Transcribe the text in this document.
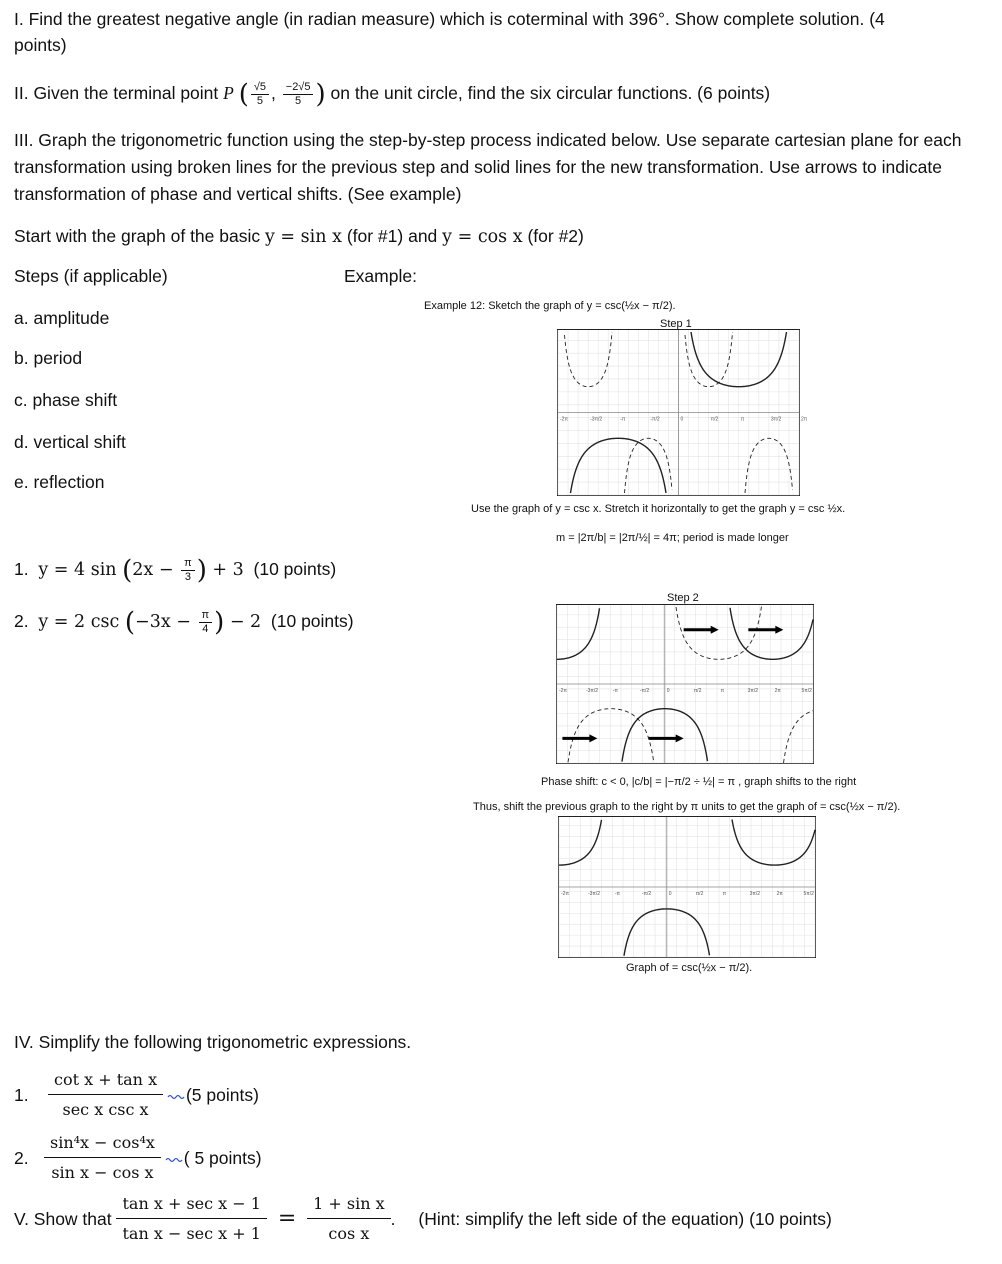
I. Find the greatest negative angle (in radian measure) which is coterminal with 396°. Show complete solution. (4
points)
II. Given the terminal point P ( $\frac{√5}{5}$ , $\frac{-2√5}{5}$ ) on the unit circle, find the six circular functions. (6 points)
III. Graph the trigonometric function using the step-by-step process indicated below. Use separate cartesian plane for each transformation using broken lines for the previous step and solid lines for the new transformation. Use arrows to indicate transformation of phase and vertical shifts. (See example)
Start with the graph of the basic y = sin x (for #1) and y = cos x (for #2)
Steps (if applicable)	Example:
a. amplitude
b. period
c. phase shift
d. vertical shift
e. reflection
1. y = 4 $\sin (2x - \frac{\pi}{3}$ ) + 3 (10 points)
2. y = 2 $\csc (-3x - \frac{\pi}{4}$ ) − 2 (10 points)
Example 12: Sketch the graph of y = csc(½x − π/2).
Step 1
-2π	-3π/2	-π	-π/2	0	π/2	π	3π/2	2π
Use the graph of y = csc x. Stretch it horizontally to get the graph y = csc ½x.
m = |2π/b| = |2π/½| = 4π; period is made longer
Step 2
-2π	-3π/2	-π	-π/2	0	π/2	π	3π/2	2π	5π/2
Phase shift: c < 0, |c/b| = |−π/2 ÷ ½| = π , graph shifts to the right
Thus, shift the previous graph to the right by π units to get the graph of = csc(½x − π/2).
-2π	-3π/2	-π	-π/2	0	π/2	π	3π/2	2π	5π/2
Graph of = csc(½x − π/2).
IV. Simplify the following trigonometric expressions.
1.
cot x + tan x
sec x csc x
(5 points)
2. $\frac{\text{sin⁴x − cos⁴x}}{\text{sin x − cos x}}$ ( 5 points)
V. Show that
tan x + sec x − 1
tan x − sec x + 1
= $\frac{\text{1 + sin x}}{\text{cos x}}$ . (Hint: simplify the left side of the equation) (10 points)
